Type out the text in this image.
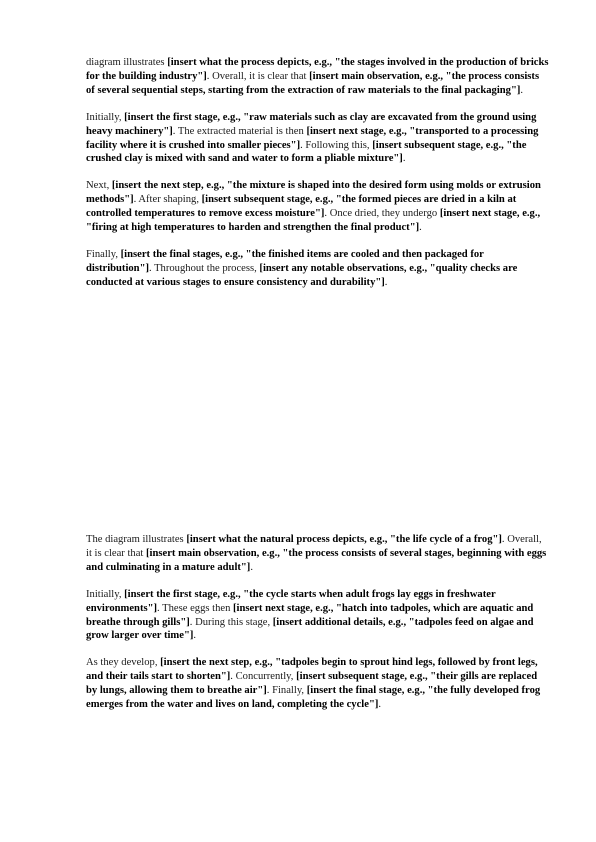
diagram illustrates [insert what the process depicts, e.g., "the stages involved in the production of bricks for the building industry"]. Overall, it is clear that [insert main observation, e.g., "the process consists of several sequential steps, starting from the extraction of raw materials to the final packaging"].

Initially, [insert the first stage, e.g., "raw materials such as clay are excavated from the ground using heavy machinery"]. The extracted material is then [insert next stage, e.g., "transported to a processing facility where it is crushed into smaller pieces"]. Following this, [insert subsequent stage, e.g., "the crushed clay is mixed with sand and water to form a pliable mixture"].

Next, [insert the next step, e.g., "the mixture is shaped into the desired form using molds or extrusion methods"]. After shaping, [insert subsequent stage, e.g., "the formed pieces are dried in a kiln at controlled temperatures to remove excess moisture"]. Once dried, they undergo [insert next stage, e.g., "firing at high temperatures to harden and strengthen the final product"].

Finally, [insert the final stages, e.g., "the finished items are cooled and then packaged for distribution"]. Throughout the process, [insert any notable observations, e.g., "quality checks are conducted at various stages to ensure consistency and durability"].

The diagram illustrates [insert what the natural process depicts, e.g., "the life cycle of a frog"]. Overall, it is clear that [insert main observation, e.g., "the process consists of several stages, beginning with eggs and culminating in a mature adult"].

Initially, [insert the first stage, e.g., "the cycle starts when adult frogs lay eggs in freshwater environments"]. These eggs then [insert next stage, e.g., "hatch into tadpoles, which are aquatic and breathe through gills"]. During this stage, [insert additional details, e.g., "tadpoles feed on algae and grow larger over time"].

As they develop, [insert the next step, e.g., "tadpoles begin to sprout hind legs, followed by front legs, and their tails start to shorten"]. Concurrently, [insert subsequent stage, e.g., "their gills are replaced by lungs, allowing them to breathe air"]. Finally, [insert the final stage, e.g., "the fully developed frog emerges from the water and lives on land, completing the cycle"].
